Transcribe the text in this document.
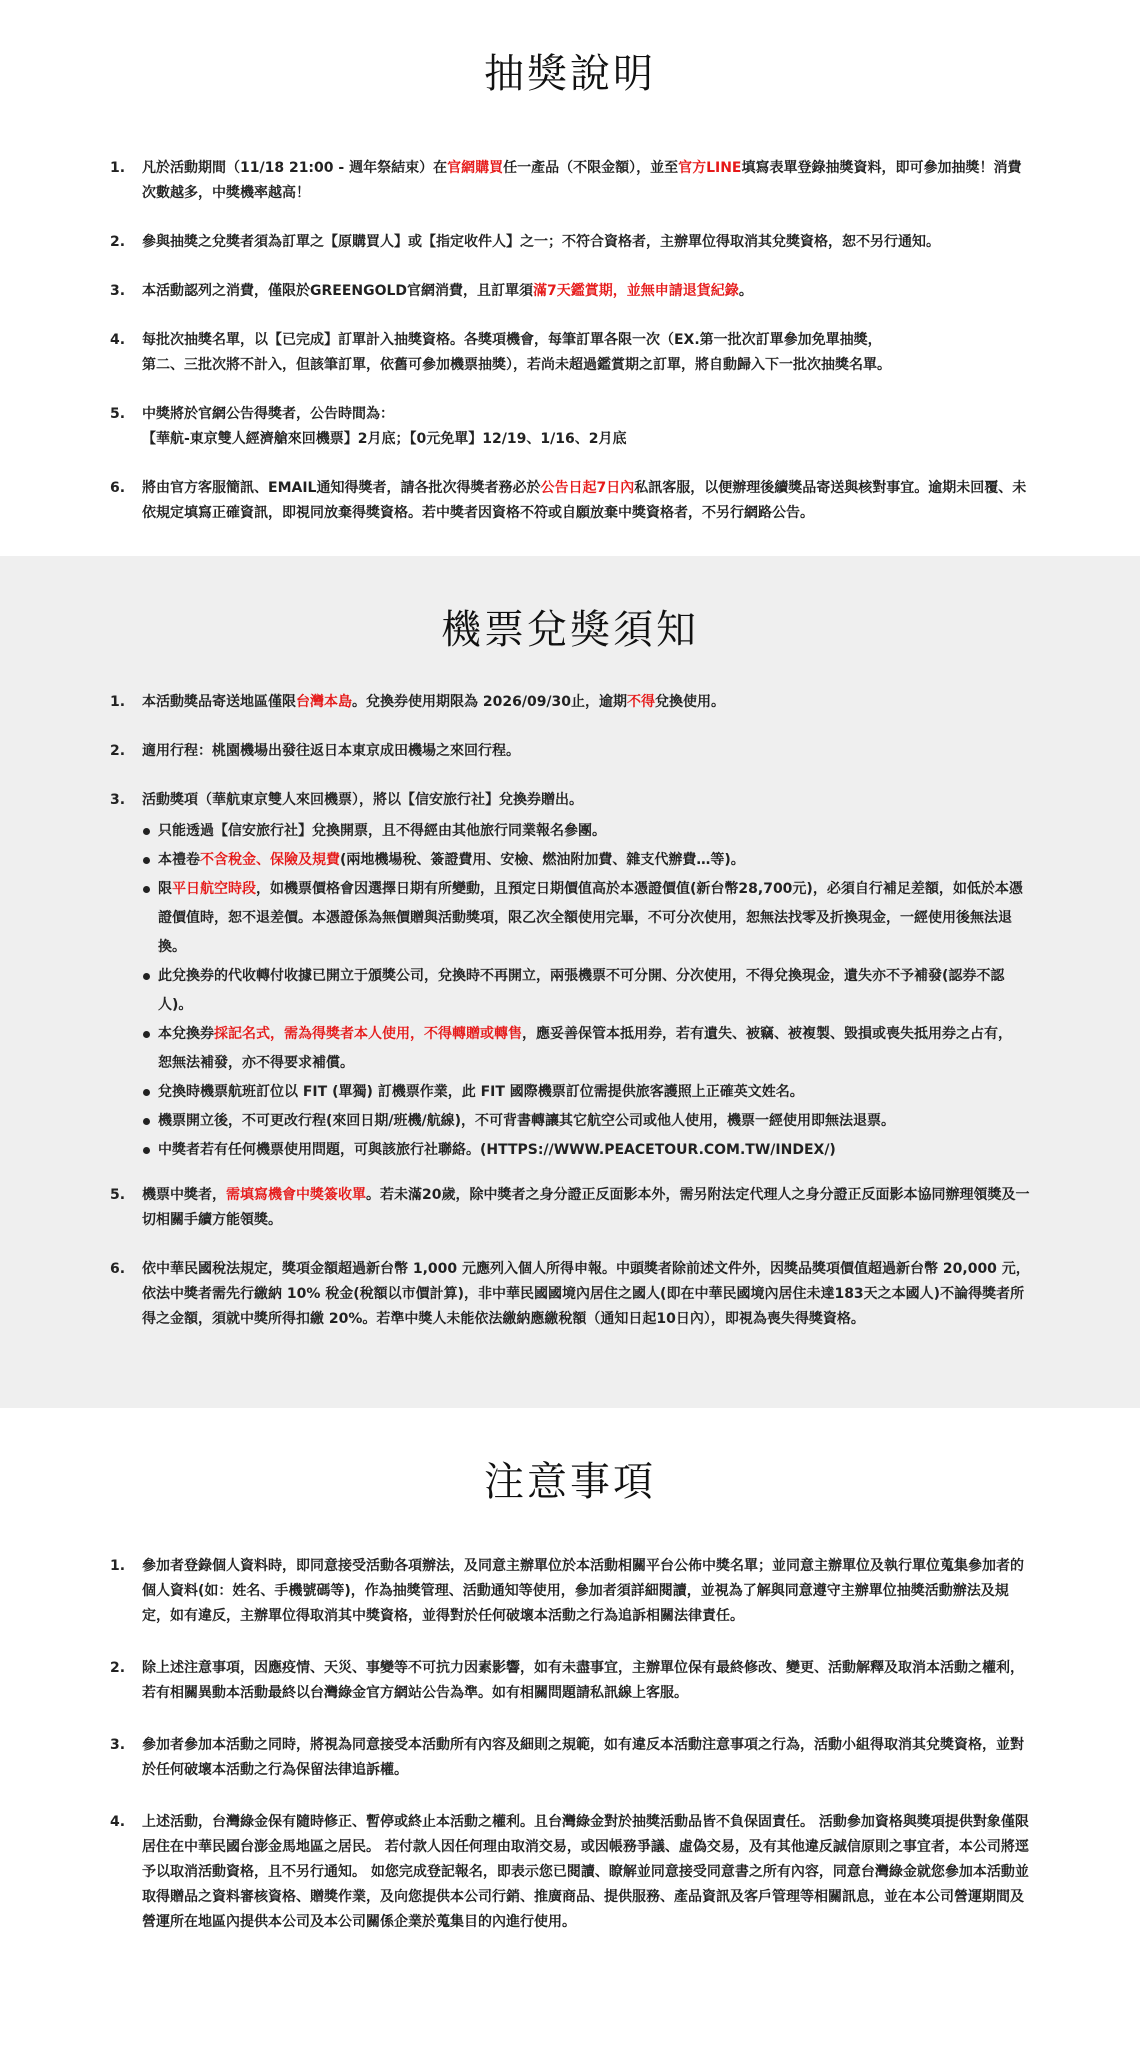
抽獎說明
1.	凡於活動期間（11/18 21:00 - 週年祭結束）在官網購買任一產品（不限金額），並至官方LINE填寫表單登錄抽獎資料，即可參加抽獎！消費次數越多，中獎機率越高！
2.	參與抽獎之兌獎者須為訂單之【原購買人】或【指定收件人】之一；不符合資格者，主辦單位得取消其兌獎資格，恕不另行通知。
3.	本活動認列之消費，僅限於GREENGOLD官網消費，且訂單須滿7天鑑賞期，並無申請退貨紀錄。
4.	每批次抽獎名單，以【已完成】訂單計入抽獎資格。各獎項機會，每筆訂單各限一次（EX.第一批次訂單參加免單抽獎，
第二、三批次將不計入，但該筆訂單，依舊可參加機票抽獎），若尚未超過鑑賞期之訂單，將自動歸入下一批次抽獎名單。
5.	中獎將於官網公告得獎者，公告時間為：
【華航-東京雙人經濟艙來回機票】2月底；【0元免單】12/19、1/16、2月底
6.	將由官方客服簡訊、EMAIL通知得獎者，請各批次得獎者務必於公告日起7日內私訊客服，以便辦理後續獎品寄送與核對事宜。逾期未回覆、未依規定填寫正確資訊，即視同放棄得獎資格。若中獎者因資格不符或自願放棄中獎資格者，不另行網路公告。
機票兌獎須知
1.	本活動獎品寄送地區僅限台灣本島。兌換券使用期限為 2026/09/30止，逾期不得兌換使用。
2.	適用行程：桃園機場出發往返日本東京成田機場之來回行程。
3.	活動獎項（華航東京雙人來回機票），將以【信安旅行社】兌換券贈出。
只能透過【信安旅行社】兌換開票，且不得經由其他旅行同業報名參團。
本禮卷不含稅金、保險及規費(兩地機場稅、簽證費用、安檢、燃油附加費、雜支代辦費…等)。
限平日航空時段，如機票價格會因選擇日期有所變動，且預定日期價值高於本憑證價值(新台幣28,700元)，必須自行補足差額，如低於本憑證價值時，恕不退差價。本憑證係為無價贈與活動獎項，限乙次全額使用完畢，不可分次使用，恕無法找零及折換現金，一經使用後無法退換。
此兌換券的代收轉付收據已開立于頒獎公司，兌換時不再開立，兩張機票不可分開、分次使用，不得兌換現金，遺失亦不予補發(認券不認人)。
本兌換券採記名式，需為得獎者本人使用，不得轉贈或轉售，應妥善保管本抵用券，若有遺失、被竊、被複製、毀損或喪失抵用券之占有， 恕無法補發，亦不得要求補償。
兌換時機票航班訂位以 FIT (單獨) 訂機票作業，此 FIT 國際機票訂位需提供旅客護照上正確英文姓名。
機票開立後，不可更改行程(來回日期/班機/航線)，不可背書轉讓其它航空公司或他人使用，機票一經使用即無法退票。
中獎者若有任何機票使用問題，可與該旅行社聯絡。(HTTPS://WWW.PEACETOUR.COM.TW/INDEX/)
5.	機票中獎者，需填寫機會中獎簽收單。若未滿20歲，除中獎者之身分證正反面影本外，需另附法定代理人之身分證正反面影本協同辦理領獎及一切相關手續方能領獎。
6.	依中華民國稅法規定，獎項金額超過新台幣 1,000 元應列入個人所得申報。中頭獎者除前述文件外，因獎品獎項價值超過新台幣 20,000 元，依法中獎者需先行繳納 10% 稅金(稅額以市價計算)，非中華民國國境內居住之國人(即在中華民國境內居住未達183天之本國人)不論得獎者所得之金額，須就中獎所得扣繳 20%。若準中獎人未能依法繳納應繳稅額（通知日起10日內），即視為喪失得獎資格。
注意事項
1.	參加者登錄個人資料時，即同意接受活動各項辦法，及同意主辦單位於本活動相關平台公佈中獎名單；並同意主辦單位及執行單位蒐集參加者的個人資料(如：姓名、手機號碼等)，作為抽獎管理、活動通知等使用，參加者須詳細閱讀，並視為了解與同意遵守主辦單位抽獎活動辦法及規定，如有違反，主辦單位得取消其中獎資格，並得對於任何破壞本活動之行為追訴相關法律責任。
2.	除上述注意事項，因應疫情、天災、事變等不可抗力因素影響，如有未盡事宜，主辦單位保有最終修改、變更、活動解釋及取消本活動之權利，若有相關異動本活動最終以台灣綠金官方網站公告為準。如有相關問題請私訊線上客服。
3.	參加者參加本活動之同時，將視為同意接受本活動所有內容及細則之規範，如有違反本活動注意事項之行為，活動小組得取消其兌獎資格，並對於任何破壞本活動之行為保留法律追訴權。
4.	上述活動，台灣綠金保有隨時修正、暫停或終止本活動之權利。且台灣綠金對於抽獎活動品皆不負保固責任。 活動參加資格與獎項提供對象僅限居住在中華民國台澎金馬地區之居民。 若付款人因任何理由取消交易，或因帳務爭議、虛偽交易，及有其他違反誠信原則之事宜者，本公司將逕予以取消活動資格，且不另行通知。 如您完成登記報名，即表示您已閱讀、瞭解並同意接受同意書之所有內容，同意台灣綠金就您參加本活動並取得贈品之資料審核資格、贈獎作業，及向您提供本公司行銷、推廣商品、提供服務、產品資訊及客戶管理等相關訊息，並在本公司營運期間及營運所在地區內提供本公司及本公司關係企業於蒐集目的內進行使用。
